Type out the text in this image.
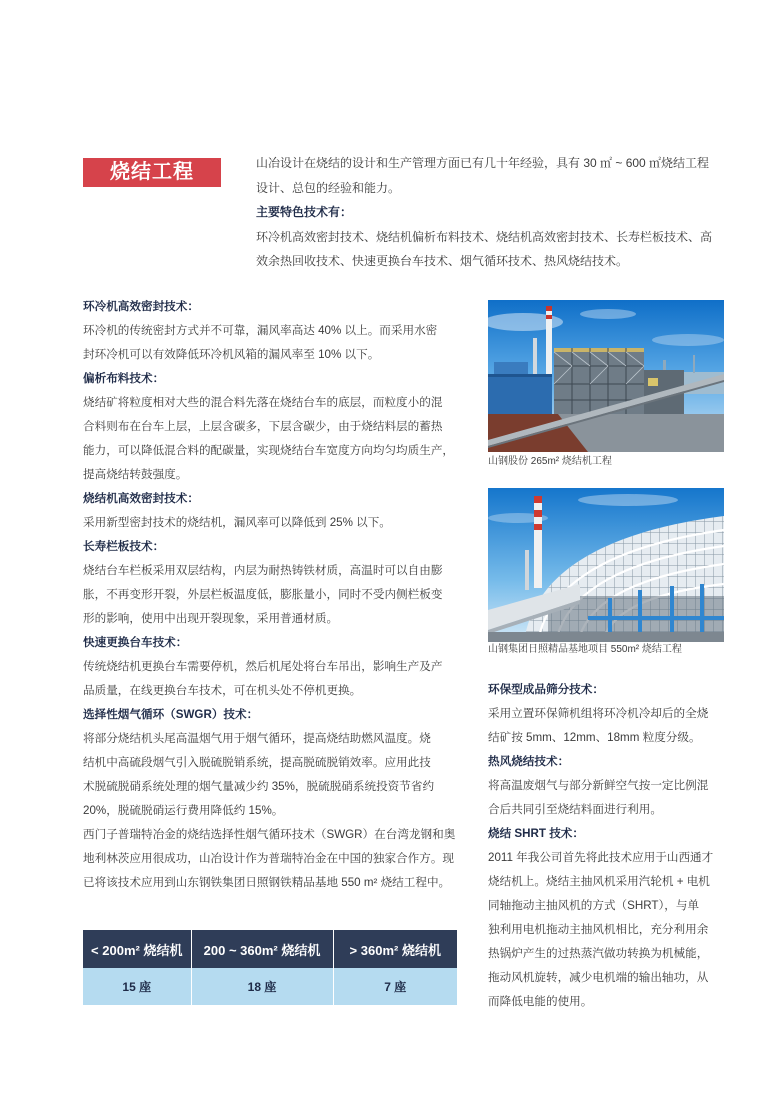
烧结工程	山冶设计在烧结的设计和生产管理方面已有几十年经验，具有 30 ㎡ ~ 600 ㎡烧结工程
设计、总包的经验和能力。
主要特色技术有：
环冷机高效密封技术、烧结机偏析布料技术、烧结机高效密封技术、长寿栏板技术、高
效余热回收技术、快速更换台车技术、烟气循环技术、热风烧结技术。
环冷机高效密封技术：
环冷机的传统密封方式并不可靠，漏风率高达 40% 以上。而采用水密
封环冷机可以有效降低环冷机风箱的漏风率至 10% 以下。
偏析布料技术：
烧结矿将粒度相对大些的混合料先落在烧结台车的底层，而粒度小的混
合料则布在台车上层，上层含碳多，下层含碳少，由于烧结料层的蓄热
能力，可以降低混合料的配碳量，实现烧结台车宽度方向均匀均质生产，
提高烧结转鼓强度。
烧结机高效密封技术：
采用新型密封技术的烧结机，漏风率可以降低到 25% 以下。
长寿栏板技术：
烧结台车栏板采用双层结构，内层为耐热铸铁材质，高温时可以自由膨
胀，不再变形开裂，外层栏板温度低，膨胀量小，同时不受内侧栏板变
形的影响，使用中出现开裂现象，采用普通材质。
快速更换台车技术：
传统烧结机更换台车需要停机，然后机尾处将台车吊出，影响生产及产
品质量，在线更换台车技术，可在机头处不停机更换。
选择性烟气循环（SWGR）技术：
将部分烧结机头尾高温烟气用于烟气循环，提高烧结助燃风温度。烧
结机中高硫段烟气引入脱硫脱销系统，提高脱硫脱销效率。应用此技
术脱硫脱硝系统处理的烟气量减少约 35%，脱硫脱硝系统投资节省约
20%，脱硫脱硝运行费用降低约 15%。
西门子普瑞特冶金的烧结选择性烟气循环技术（SWGR）在台湾龙钢和奥
地利林茨应用很成功，山冶设计作为普瑞特冶金在中国的独家合作方。现
已将该技术应用到山东钢铁集团日照钢铁精品基地 550 m² 烧结工程中。
山钢股份 265m² 烧结机工程
山钢集团日照精品基地项目 550m² 烧结工程
环保型成品筛分技术：
采用立置环保筛机组将环冷机冷却后的全烧
结矿按 5mm、12mm、18mm 粒度分级。
热风烧结技术：
将高温废烟气与部分新鲜空气按一定比例混
合后共同引至烧结料面进行利用。
烧结 SHRT 技术：
2011 年我公司首先将此技术应用于山西通才
烧结机上。烧结主抽风机采用汽轮机 + 电机
同轴拖动主抽风机的方式（SHRT），与单
独利用电机拖动主抽风机相比，充分利用余
热锅炉产生的过热蒸汽做功转换为机械能，
拖动风机旋转，减少电机端的输出轴功，从
而降低电能的使用。
< 200m² 烧结机	200 ~ 360m² 烧结机	> 360m² 烧结机
15 座	18 座	7 座
